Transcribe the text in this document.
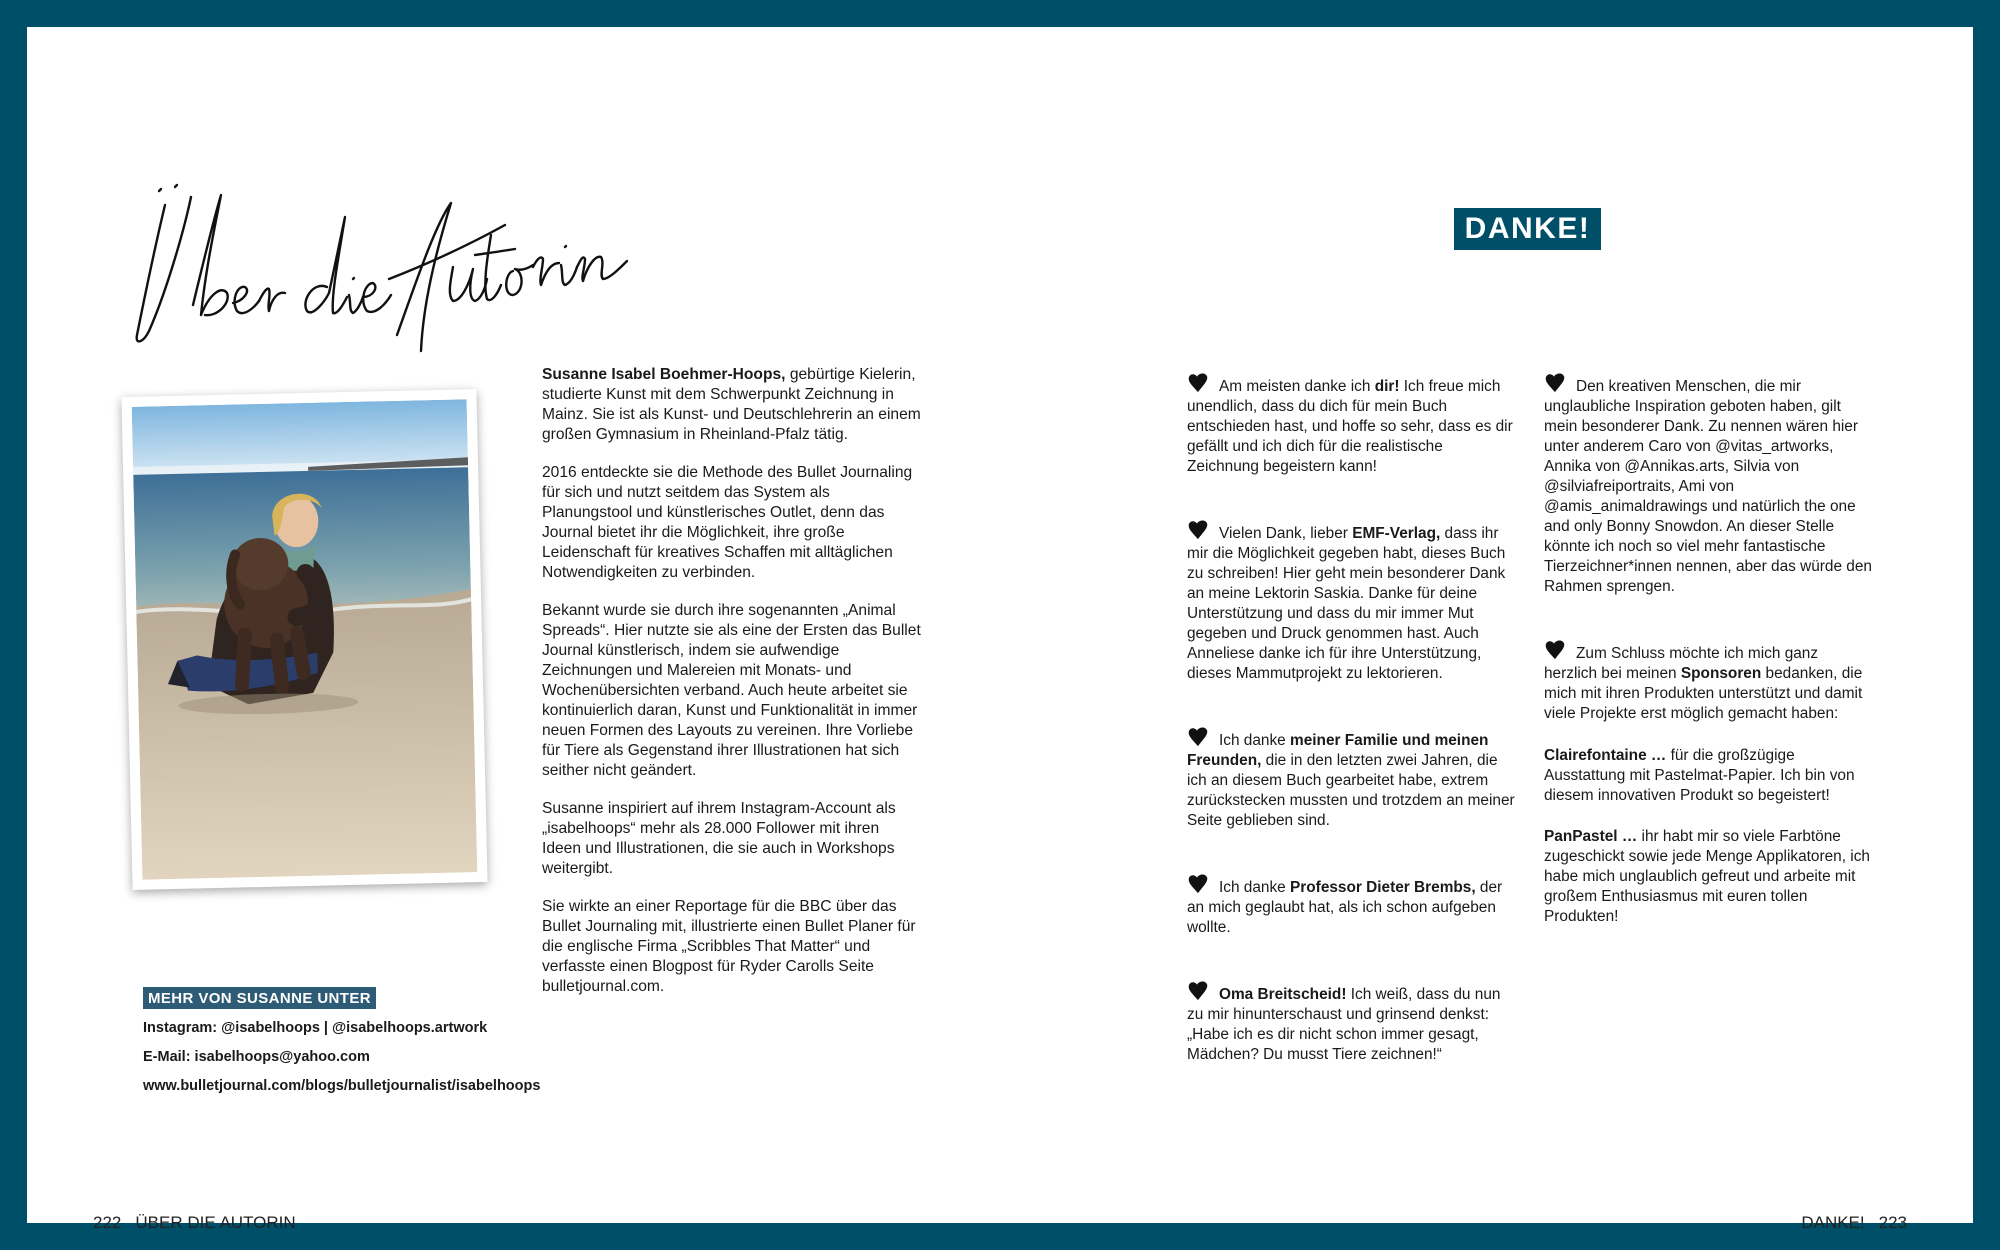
Susanne Isabel Boehmer-Hoops, gebürtige Kielerin, studierte Kunst mit dem Schwerpunkt Zeichnung in Mainz. Sie ist als Kunst- und Deutschlehrerin an einem großen Gymnasium in Rheinland-Pfalz tätig.

2016 entdeckte sie die Methode des Bullet Journaling für sich und nutzt seitdem das System als Planungstool und künstlerisches Outlet, denn das Journal bietet ihr die Möglichkeit, ihre große Leidenschaft für kreatives Schaffen mit alltäglichen Notwendigkeiten zu verbinden.

Bekannt wurde sie durch ihre sogenannten „Animal Spreads“. Hier nutzte sie als eine der Ersten das Bullet Journal künstlerisch, indem sie aufwendige Zeichnungen und Malereien mit Monats- und Wochenübersichten verband. Auch heute arbeitet sie kontinuierlich daran, Kunst und Funktionalität in immer neuen Formen des Layouts zu vereinen. Ihre Vorliebe für Tiere als Gegenstand ihrer Illustrationen hat sich seither nicht geändert.

Susanne inspiriert auf ihrem Instagram-Account als „isabelhoops“ mehr als 28.000 Follower mit ihren Ideen und Illustrationen, die sie auch in Workshops weitergibt.

Sie wirkte an einer Reportage für die BBC über das Bullet Journaling mit, illustrierte einen Bullet Planer für die englische Firma „Scribbles That Matter“ und verfasste einen Blogpost für Ryder Carolls Seite bulletjournal.com.

MEHR VON SUSANNE UNTER
Instagram: @isabelhoops | @isabelhoops.artwork
E-Mail: isabelhoops@yahoo.com
www.bulletjournal.com/blogs/bulletjournalist/isabelhoops
DANKE!
Am meisten danke ich dir! Ich freue mich unendlich, dass du dich für mein Buch entschieden hast, und hoffe so sehr, dass es dir gefällt und ich dich für die realistische Zeichnung begeistern kann!
Vielen Dank, lieber EMF-Verlag, dass ihr mir die Möglichkeit gegeben habt, dieses Buch zu schreiben! Hier geht mein besonderer Dank an meine Lektorin Saskia. Danke für deine Unterstützung und dass du mir immer Mut gegeben und Druck genommen hast. Auch Anneliese danke ich für ihre Unterstützung, dieses Mammutprojekt zu lektorieren.
Ich danke meiner Familie und meinen Freunden, die in den letzten zwei Jahren, die ich an diesem Buch gearbeitet habe, extrem zurückstecken mussten und trotzdem an meiner Seite geblieben sind.
Ich danke Professor Dieter Brembs, der an mich geglaubt hat, als ich schon aufgeben wollte.
Oma Breitscheid! Ich weiß, dass du nun zu mir hinunterschaust und grinsend denkst: „Habe ich es dir nicht schon immer gesagt, Mädchen? Du musst Tiere zeichnen!“
Den kreativen Menschen, die mir unglaubliche Inspiration geboten haben, gilt mein besonderer Dank. Zu nennen wären hier unter anderem Caro von @vitas_artworks, Annika von @Annikas.arts, Silvia von @silviafreiportraits, Ami von @amis_animaldrawings und natürlich the one and only Bonny Snowdon. An dieser Stelle könnte ich noch so viel mehr fantastische Tierzeichner*innen nennen, aber das würde den Rahmen sprengen.
Zum Schluss möchte ich mich ganz herzlich bei meinen Sponsoren bedanken, die mich mit ihren Produkten unterstützt und damit viele Projekte erst möglich gemacht haben:

Clairefontaine … für die großzügige Ausstattung mit Pastelmat-Papier. Ich bin von diesem innovativen Produkt so begeistert!

PanPastel … ihr habt mir so viele Farbtöne zugeschickt sowie jede Menge Applikatoren, ich habe mich unglaublich gefreut und arbeite mit großem Enthusiasmus mit euren tollen Produkten!

222 ÜBER DIE AUTORIN	DANKE! 223
